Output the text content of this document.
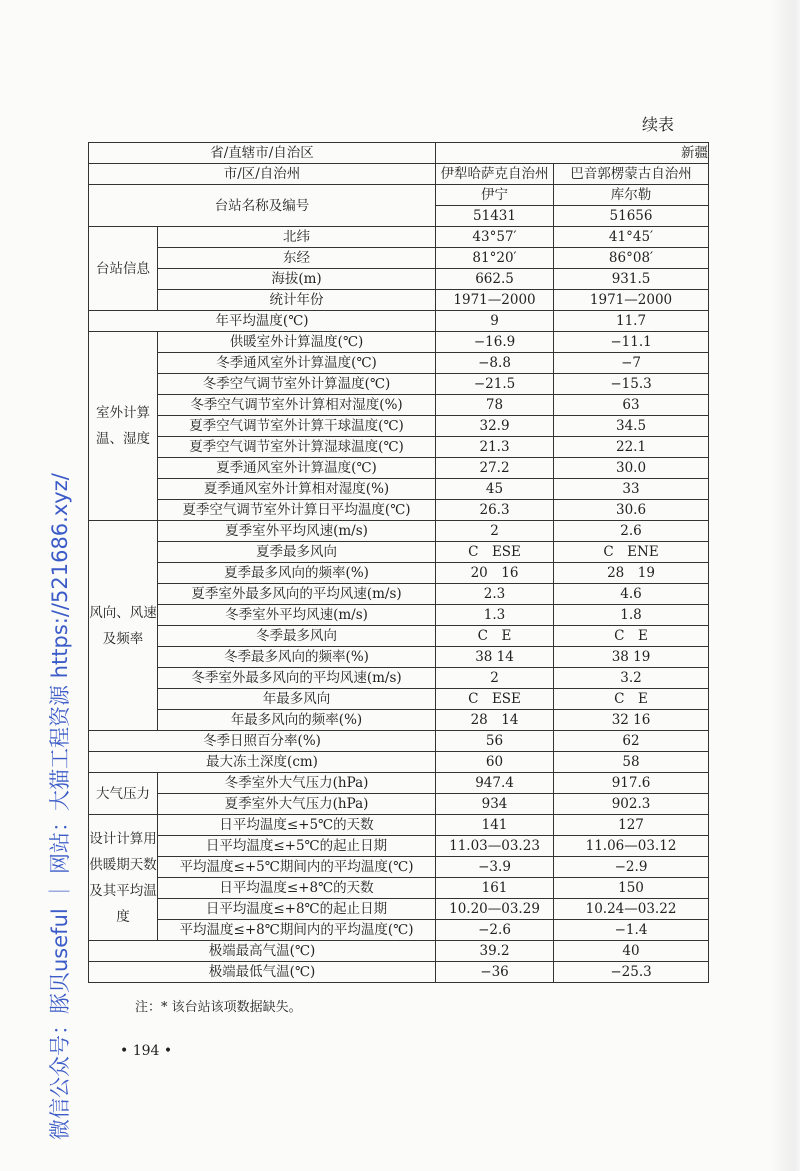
续表
省/直辖市/自治区		新疆	
市/区/自治州		伊犁哈萨克自治州	巴音郭楞蒙古自治州
台站名称及编号		伊宁	库尔勒
		51431	51656
台站信息	北纬	43°57′	41°45′
	东经	81°20′	86°08′
	海拔(m)	662.5	931.5
	统计年份	1971—2000	1971—2000
年平均温度(℃)		9	11.7
室外计算温、湿度	供暖室外计算温度(℃)	−16.9	−11.1
	冬季通风室外计算温度(℃)	−8.8	−7
	冬季空气调节室外计算温度(℃)	−21.5	−15.3
	冬季空气调节室外计算相对湿度(%)	78	63
	夏季空气调节室外计算干球温度(℃)	32.9	34.5
	夏季空气调节室外计算湿球温度(℃)	21.3	22.1
	夏季通风室外计算温度(℃)	27.2	30.0
	夏季通风室外计算相对湿度(%)	45	33
	夏季空气调节室外计算日平均温度(℃)	26.3	30.6
风向、风速及频率	夏季室外平均风速(m/s)	2	2.6
	夏季最多风向	C　ESE	C　ENE
	夏季最多风向的频率(%)	20　16	28　19
	夏季室外最多风向的平均风速(m/s)	2.3	4.6
	冬季室外平均风速(m/s)	1.3	1.8
	冬季最多风向	C　E	C　E
	冬季最多风向的频率(%)	38 14	38 19
	冬季室外最多风向的平均风速(m/s)	2	3.2
	年最多风向	C　ESE	C　E
	年最多风向的频率(%)	28　14	32 16
冬季日照百分率(%)		56	62
最大冻土深度(cm)		60	58
大气压力	冬季室外大气压力(hPa)	947.4	917.6
	夏季室外大气压力(hPa)	934	902.3
设计计算用供暖期天数及其平均温度	日平均温度≤+5℃的天数	141	127
	日平均温度≤+5℃的起止日期	11.03—03.23	11.06—03.12
	平均温度≤+5℃期间内的平均温度(℃)	−3.9	−2.9
	日平均温度≤+8℃的天数	161	150
	日平均温度≤+8℃的起止日期	10.20—03.29	10.24—03.22
	平均温度≤+8℃期间内的平均温度(℃)	−2.6	−1.4
极端最高气温(℃)		39.2	40
极端最低气温(℃)		−36	−25.3
注：* 该台站该项数据缺失。
• 194 •
微信公众号：豚贝useful ｜ 网站：大猫工程资源 https://521686.xyz/
